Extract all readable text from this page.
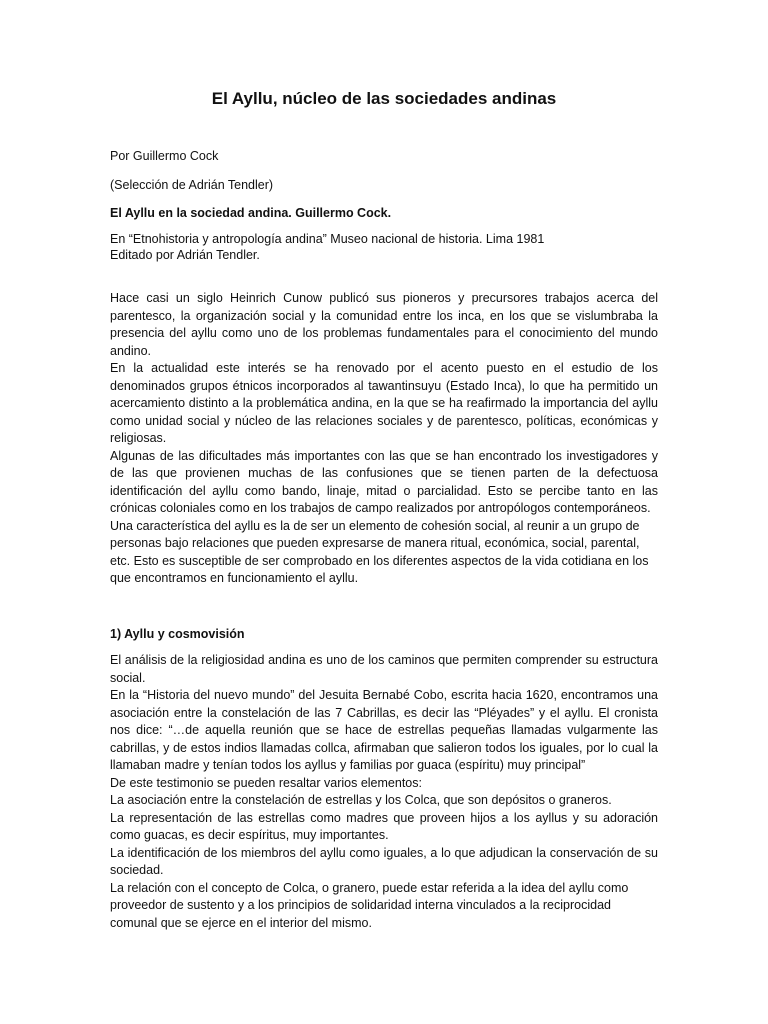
El Ayllu, núcleo de las sociedades andinas
Por Guillermo Cock
(Selección de Adrián Tendler)
El Ayllu en la sociedad andina. Guillermo Cock.
En “Etnohistoria y antropología andina” Museo nacional de historia. Lima 1981
Editado por Adrián Tendler.

Hace casi un siglo Heinrich Cunow publicó sus pioneros y precursores trabajos acerca del parentesco, la organización social y la comunidad entre los inca, en los que se vislumbraba la presencia del ayllu como uno de los problemas fundamentales para el conocimiento del mundo andino.

En la actualidad este interés se ha renovado por el acento puesto en el estudio de los denominados grupos étnicos incorporados al tawantinsuyu (Estado Inca), lo que ha permitido un acercamiento distinto a la problemática andina, en la que se ha reafirmado la importancia del ayllu como unidad social y núcleo de las relaciones sociales y de parentesco, políticas, económicas y religiosas.

Algunas de las dificultades más importantes con las que se han encontrado los investigadores y de las que provienen muchas de las confusiones que se tienen parten de la defectuosa identificación del ayllu como bando, linaje, mitad o parcialidad. Esto se percibe tanto en las crónicas coloniales como en los trabajos de campo realizados por antropólogos contemporáneos.

Una característica del ayllu es la de ser un elemento de cohesión social, al reunir a un grupo de personas bajo relaciones que pueden expresarse de manera ritual, económica, social, parental, etc. Esto es susceptible de ser comprobado en los diferentes aspectos de la vida cotidiana en los que encontramos en funcionamiento el ayllu.

1) Ayllu y cosmovisión

El análisis de la religiosidad andina es uno de los caminos que permiten comprender su estructura social.

En la “Historia del nuevo mundo” del Jesuita Bernabé Cobo, escrita hacia 1620, encontramos una asociación entre la constelación de las 7 Cabrillas, es decir las “Pléyades” y el ayllu. El cronista nos dice: “…de aquella reunión que se hace de estrellas pequeñas llamadas vulgarmente las cabrillas, y de estos indios llamadas collca, afirmaban que salieron todos los iguales, por lo cual la llamaban madre y tenían todos los ayllus y familias por guaca (espíritu) muy principal”

De este testimonio se pueden resaltar varios elementos:

La asociación entre la constelación de estrellas y los Colca, que son depósitos o graneros.

La representación de las estrellas como madres que proveen hijos a los ayllus y su adoración como guacas, es decir espíritus, muy importantes.

La identificación de los miembros del ayllu como iguales, a lo que adjudican la conservación de su sociedad.

La relación con el concepto de Colca, o granero, puede estar referida a la idea del ayllu como proveedor de sustento y a los principios de solidaridad interna vinculados a la reciprocidad comunal que se ejerce en el interior del mismo.
